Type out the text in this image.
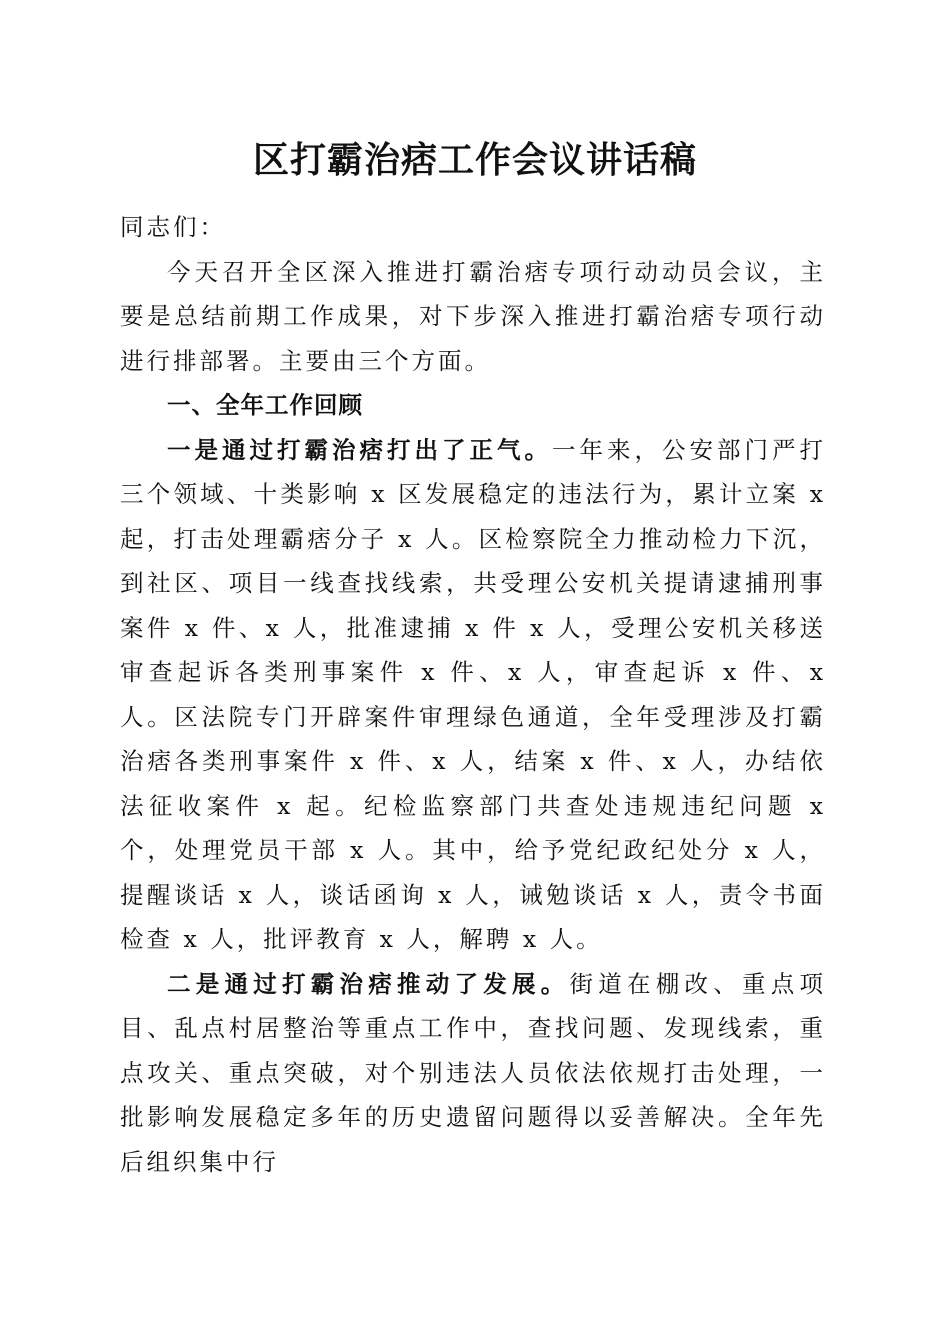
区打霸治痞工作会议讲话稿

同志们：

今天召开全区深入推进打霸治痞专项行动动员会议，主要是总结前期工作成果，对下步深入推进打霸治痞专项行动进行排部署。主要由三个方面。

一、全年工作回顾

一是通过打霸治痞打出了正气。一年来，公安部门严打三个领域、十类影响 x 区发展稳定的违法行为，累计立案 x 起，打击处理霸痞分子 x 人。区检察院全力推动检力下沉，到社区、项目一线查找线索，共受理公安机关提请逮捕刑事案件 x 件、x 人，批准逮捕 x 件 x 人，受理公安机关移送审查起诉各类刑事案件 x 件、x 人，审查起诉 x 件、x 人。区法院专门开辟案件审理绿色通道，全年受理涉及打霸治痞各类刑事案件 x 件、x 人，结案 x 件、x 人，办结依法征收案件 x 起。纪检监察部门共查处违规违纪问题 x 个，处理党员干部 x 人。其中，给予党纪政纪处分 x 人，提醒谈话 x 人，谈话函询 x 人，诫勉谈话 x 人，责令书面检查 x 人，批评教育 x 人，解聘 x 人。

二是通过打霸治痞推动了发展。街道在棚改、重点项目、乱点村居整治等重点工作中，查找问题、发现线索，重点攻关、重点突破，对个别违法人员依法依规打击处理，一批影响发展稳定多年的历史遗留问题得以妥善解决。全年先后组织集中行
